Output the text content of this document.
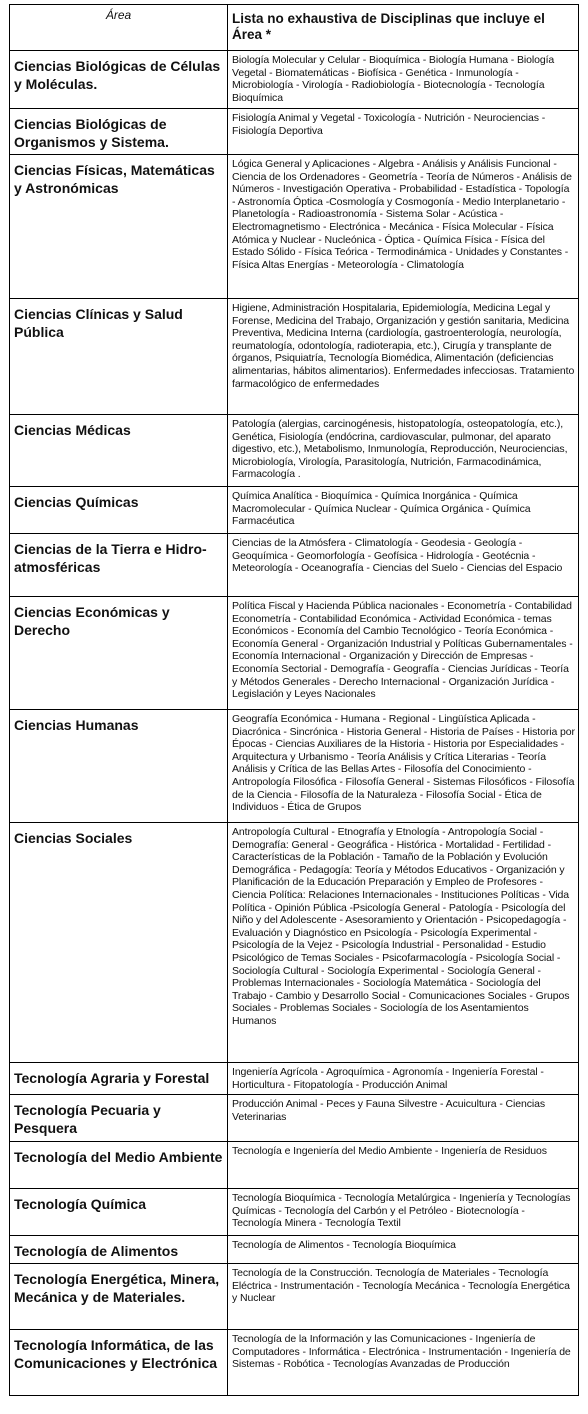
Área	Lista no exhaustiva de Disciplinas que incluye el Área *
Ciencias Biológicas de Células y Moléculas.	Biología Molecular y Celular - Bioquímica - Biología Humana - Biología Vegetal - Biomatemáticas - Biofísica - Genética - Inmunología - Microbiología - Virología - Radiobiología - Biotecnología - Tecnología Bioquímica
Ciencias Biológicas de Organismos y Sistema.	Fisiología Animal y Vegetal - Toxicología - Nutrición - Neurociencias - Fisiología Deportiva
Ciencias Físicas, Matemáticas y Astronómicas	Lógica General y Aplicaciones - Algebra - Análisis y Análisis Funcional - Ciencia de los Ordenadores - Geometría - Teoría de Números - Análisis de Números - Investigación Operativa - Probabilidad - Estadística - Topología - Astronomía Óptica -Cosmología y Cosmogonía - Medio Interplanetario - Planetología - Radioastronomía - Sistema Solar - Acústica - Electromagnetismo - Electrónica - Mecánica - Física Molecular - Física Atómica y Nuclear - Nucleónica - Óptica - Química Física - Física del Estado Sólido - Física Teórica - Termodinámica - Unidades y Constantes - Física Altas Energías - Meteorología - Climatología
Ciencias Clínicas y Salud Pública	Higiene, Administración Hospitalaria, Epidemiología, Medicina Legal y Forense, Medicina del Trabajo, Organización y gestión sanitaria, Medicina Preventiva, Medicina Interna (cardiología, gastroenterología, neurología, reumatología, odontología, radioterapia, etc.), Cirugía y transplante de órganos, Psiquiatría, Tecnología Biomédica, Alimentación (deficiencias alimentarias, hábitos alimentarios). Enfermedades infecciosas. Tratamiento farmacológico de enfermedades
Ciencias Médicas	Patología (alergias, carcinogénesis, histopatología, osteopatología, etc.), Genética, Fisiología (endócrina, cardiovascular, pulmonar, del aparato digestivo, etc.), Metabolismo, Inmunología, Reproducción, Neurociencias, Microbiología, Virología, Parasitología, Nutrición, Farmacodinámica, Farmacología .
Ciencias Químicas	Química Analítica - Bioquímica - Química Inorgánica - Química Macromolecular - Química Nuclear - Química Orgánica - Química Farmacéutica
Ciencias de la Tierra e Hidro-atmosféricas	Ciencias de la Atmósfera - Climatología - Geodesia - Geología - Geoquímica - Geomorfología - Geofísica - Hidrología - Geotécnia - Meteorología - Oceanografía - Ciencias del Suelo - Ciencias del Espacio
Ciencias Económicas y Derecho	Política Fiscal y Hacienda Pública nacionales - Econometría - Contabilidad Econometría - Contabilidad Económica - Actividad Económica - temas Económicos - Economía del Cambio Tecnológico - Teoría Económica - Economía General - Organización Industrial y Políticas Gubernamentales - Economía Internacional - Organización y Dirección de Empresas - Economía Sectorial - Demografía - Geografía - Ciencias Jurídicas - Teoría y Métodos Generales - Derecho Internacional - Organización Jurídica - Legislación y Leyes Nacionales
Ciencias Humanas	Geografía Económica - Humana - Regional - Lingüística Aplicada - Diacrónica - Sincrónica - Historia General - Historia de Países - Historia por Épocas - Ciencias Auxiliares de la Historia - Historia por Especialidades - Arquitectura y Urbanismo - Teoría Análisis y Crítica Literarias - Teoría Análisis y Crítica de las Bellas Artes - Filosofía del Conocimiento - Antropología Filosófica - Filosofía General - Sistemas Filosóficos - Filosofía de la Ciencia - Filosofía de la Naturaleza - Filosofía Social - Ética de Individuos - Ética de Grupos
Ciencias Sociales	Antropología Cultural - Etnografía y Etnología - Antropología Social - Demografía: General - Geográfica - Histórica - Mortalidad - Fertilidad - Características de la Población - Tamaño de la Población y Evolución Demográfica - Pedagogía: Teoría y Métodos Educativos - Organización y Planificación de la Educación Preparación y Empleo de Profesores - Ciencia Política: Relaciones Internacionales - Instituciones Políticas - Vida Política - Opinión Pública -Psicología General - Patología - Psicología del Niño y del Adolescente - Asesoramiento y Orientación - Psicopedagogía - Evaluación y Diagnóstico en Psicología - Psicología Experimental - Psicología de la Vejez - Psicología Industrial - Personalidad - Estudio Psicológico de Temas Sociales - Psicofarmacología - Psicología Social - Sociología Cultural - Sociología Experimental - Sociología General - Problemas Internacionales - Sociología Matemática - Sociología del Trabajo - Cambio y Desarrollo Social - Comunicaciones Sociales - Grupos Sociales - Problemas Sociales - Sociología de los Asentamientos Humanos
Tecnología Agraria y Forestal	Ingeniería Agrícola - Agroquímica - Agronomía - Ingeniería Forestal - Horticultura - Fitopatología - Producción Animal
Tecnología Pecuaria y Pesquera	Producción Animal - Peces y Fauna Silvestre - Acuicultura - Ciencias Veterinarias
Tecnología del Medio Ambiente	Tecnología e Ingeniería del Medio Ambiente - Ingeniería de Residuos
Tecnología Química	Tecnología Bioquímica - Tecnología Metalúrgica - Ingeniería y Tecnologías Químicas - Tecnología del Carbón y el Petróleo - Biotecnología - Tecnología Minera - Tecnología Textil
Tecnología de Alimentos	Tecnología de Alimentos - Tecnología Bioquímica
Tecnología Energética, Minera, Mecánica y de Materiales.	Tecnología de la Construcción. Tecnología de Materiales - Tecnología Eléctrica - Instrumentación - Tecnología Mecánica - Tecnología Energética y Nuclear
Tecnología Informática, de las Comunicaciones y Electrónica	Tecnología de la Información y las Comunicaciones - Ingeniería de Computadores - Informática - Electrónica - Instrumentación - Ingeniería de Sistemas - Robótica - Tecnologías Avanzadas de Producción
